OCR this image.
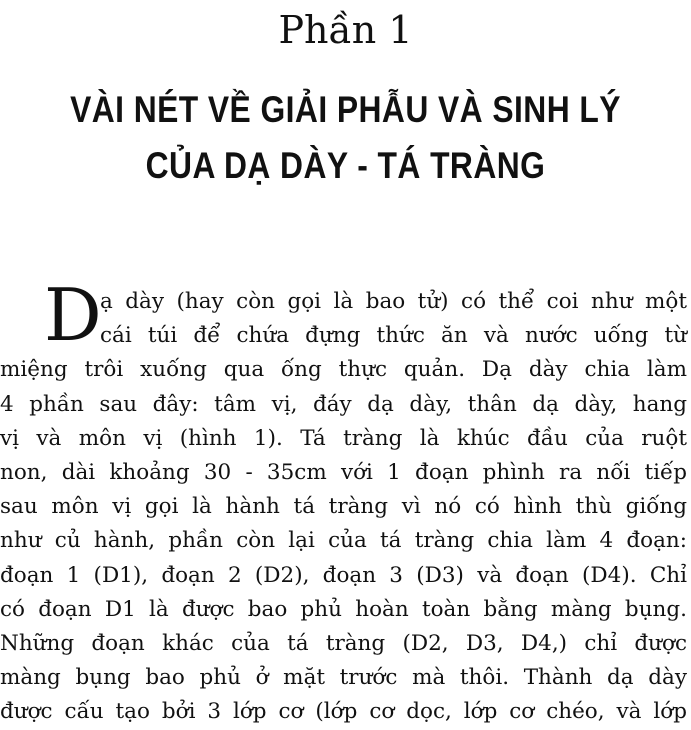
Phần 1
VÀI NÉT VỀ GIẢI PHẪU VÀ SINH LÝ
CỦA DẠ DÀY - TÁ TRÀNG
D
ạ dày (hay còn gọi là bao tử) có thể coi như một
cái túi để chứa đựng thức ăn và nước uống từ
miệng trôi xuống qua ống thực quản. Dạ dày chia làm
4 phần sau đây: tâm vị, đáy dạ dày, thân dạ dày, hang
vị và môn vị (hình 1). Tá tràng là khúc đầu của ruột
non, dài khoảng 30 - 35cm với 1 đoạn phình ra nối tiếp
sau môn vị gọi là hành tá tràng vì nó có hình thù giống
như củ hành, phần còn lại của tá tràng chia làm 4 đoạn:
đoạn 1 (D1), đoạn 2 (D2), đoạn 3 (D3) và đoạn (D4). Chỉ
có đoạn D1 là được bao phủ hoàn toàn bằng màng bụng.
Những đoạn khác của tá tràng (D2, D3, D4,) chỉ được
màng bụng bao phủ ở mặt trước mà thôi. Thành dạ dày
được cấu tạo bởi 3 lớp cơ (lớp cơ dọc, lớp cơ chéo, và lớp
